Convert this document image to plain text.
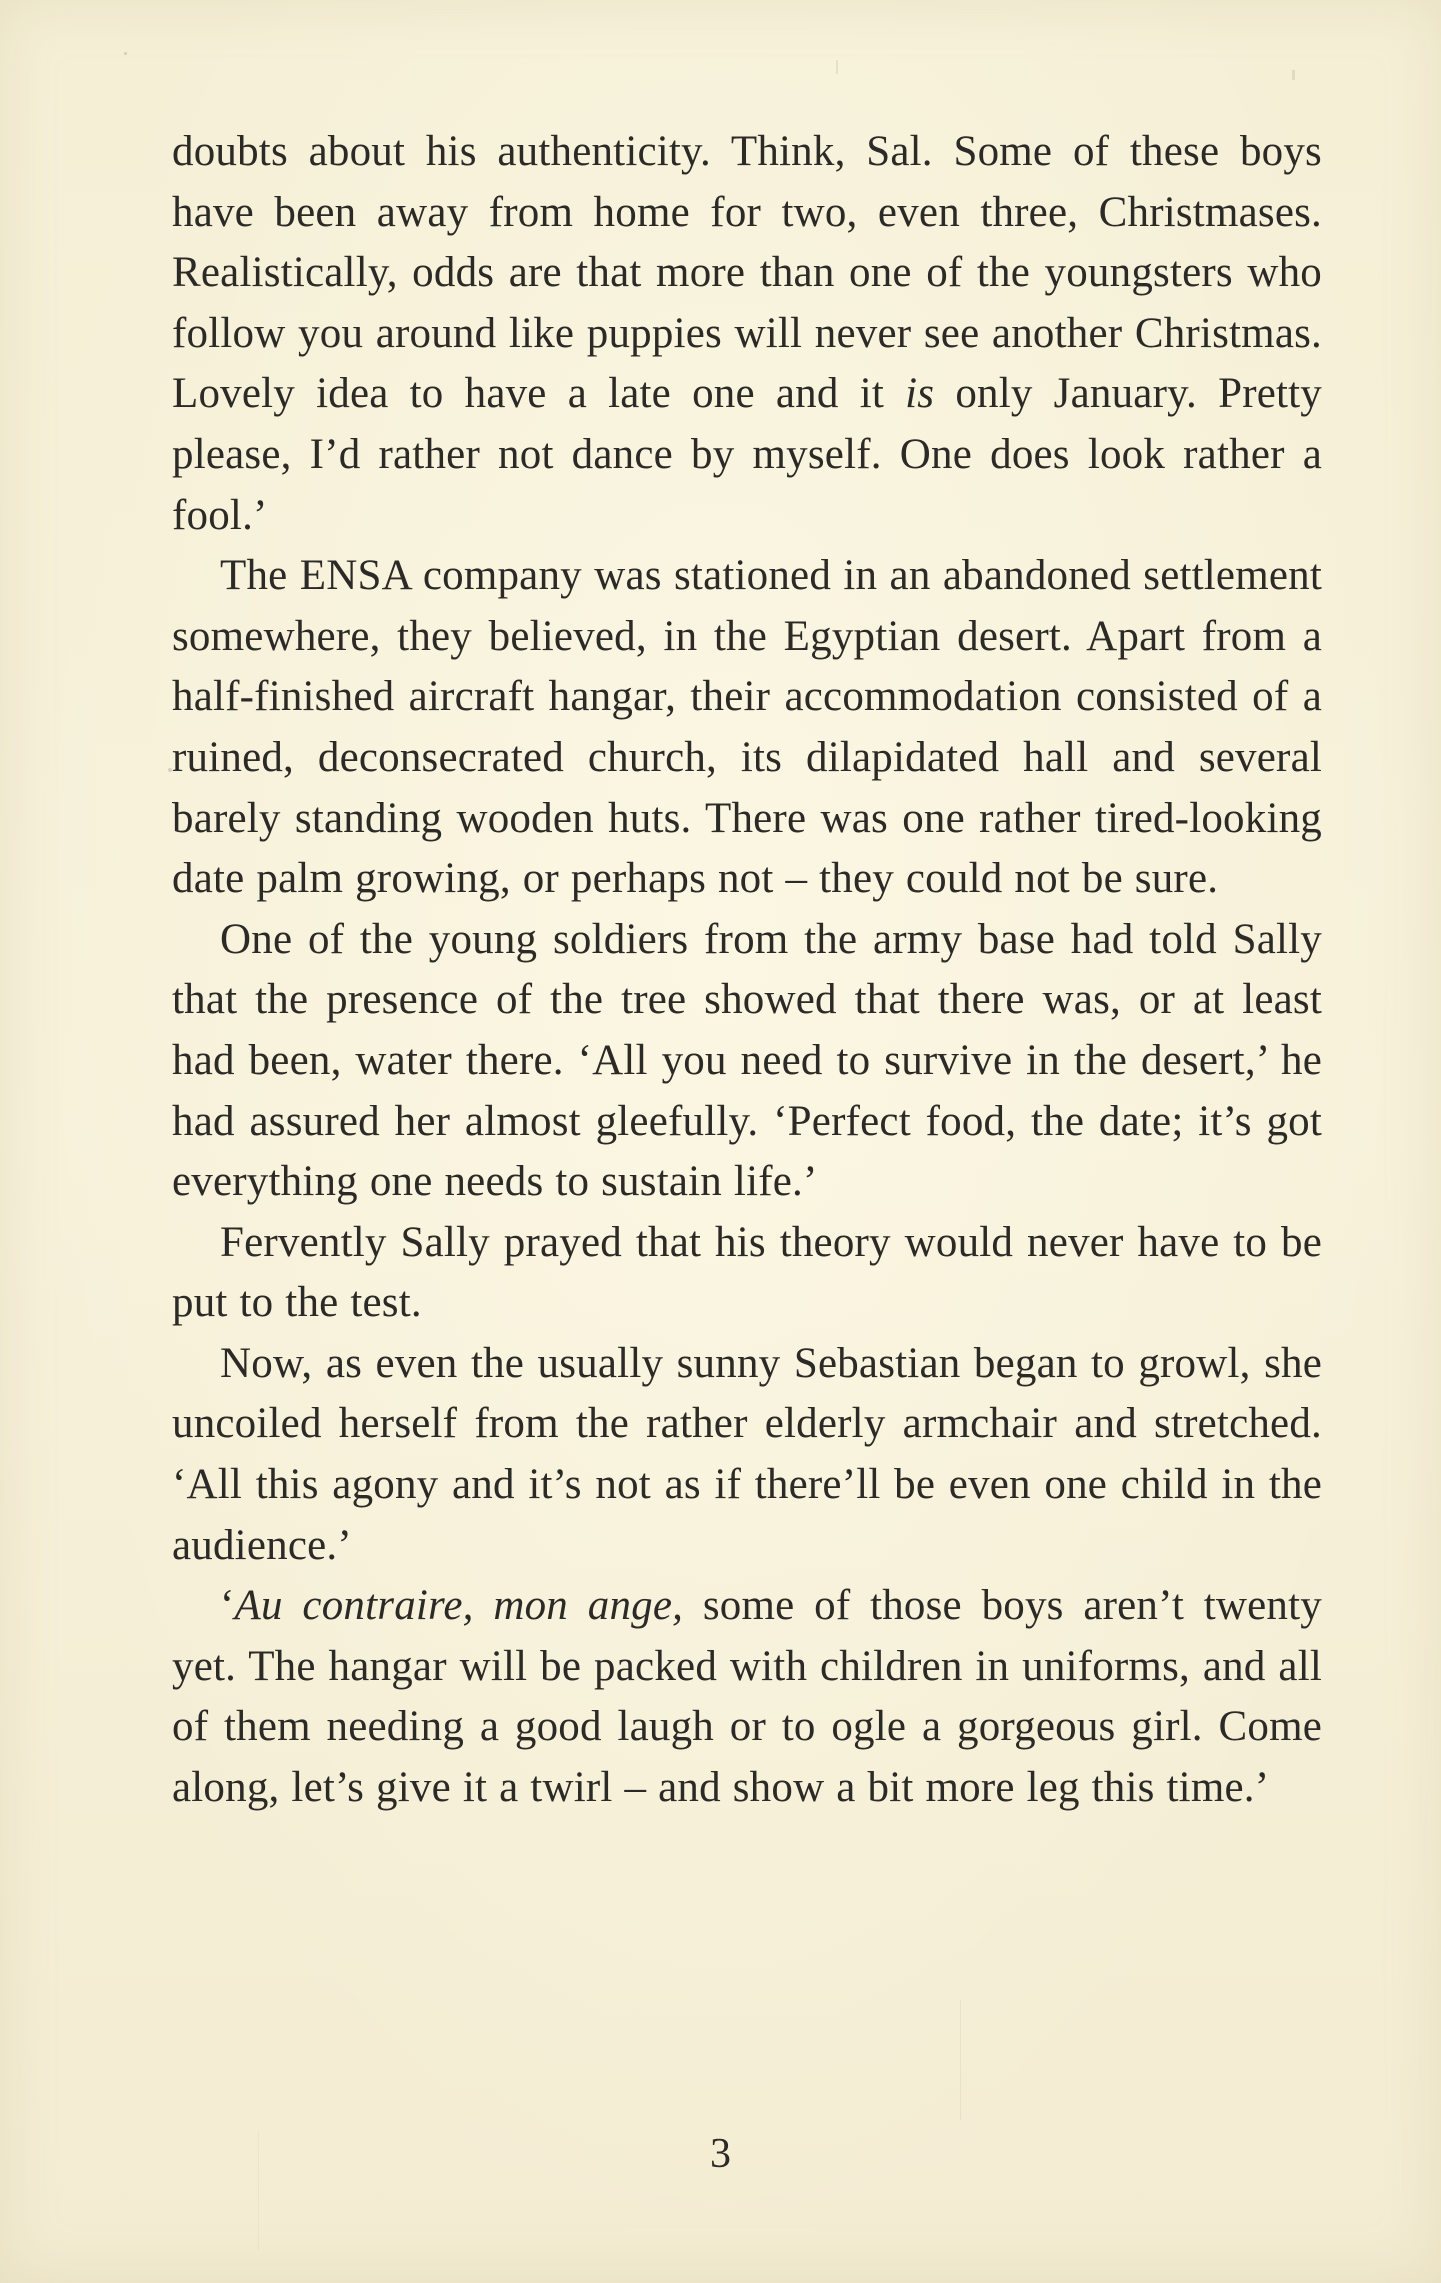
doubts about his authenticity. Think, Sal. Some of these boys have been away from home for two, even three, Christmases. Realistically, odds are that more than one of the youngsters who follow you around like puppies will never see another Christmas. Lovely idea to have a late one and it is only January. Pretty please, I’d rather not dance by myself. One does look rather a fool.’

The ENSA company was stationed in an abandoned settlement somewhere, they believed, in the Egyptian desert. Apart from a half-finished aircraft hangar, their accommodation consisted of a ruined, deconsecrated church, its dilapidated hall and several barely standing wooden huts. There was one rather tired-looking date palm growing, or perhaps not – they could not be sure.

One of the young soldiers from the army base had told Sally that the presence of the tree showed that there was, or at least had been, water there. ‘All you need to survive in the desert,’ he had assured her almost gleefully. ‘Perfect food, the date; it’s got everything one needs to sustain life.’

Fervently Sally prayed that his theory would never have to be put to the test.

Now, as even the usually sunny Sebastian began to growl, she uncoiled herself from the rather elderly armchair and stretched. ‘All this agony and it’s not as if there’ll be even one child in the audience.’

‘Au contraire, mon ange, some of those boys aren’t twenty yet. The hangar will be packed with children in uniforms, and all of them needing a good laugh or to ogle a gorgeous girl. Come along, let’s give it a twirl – and show a bit more leg this time.’

3
